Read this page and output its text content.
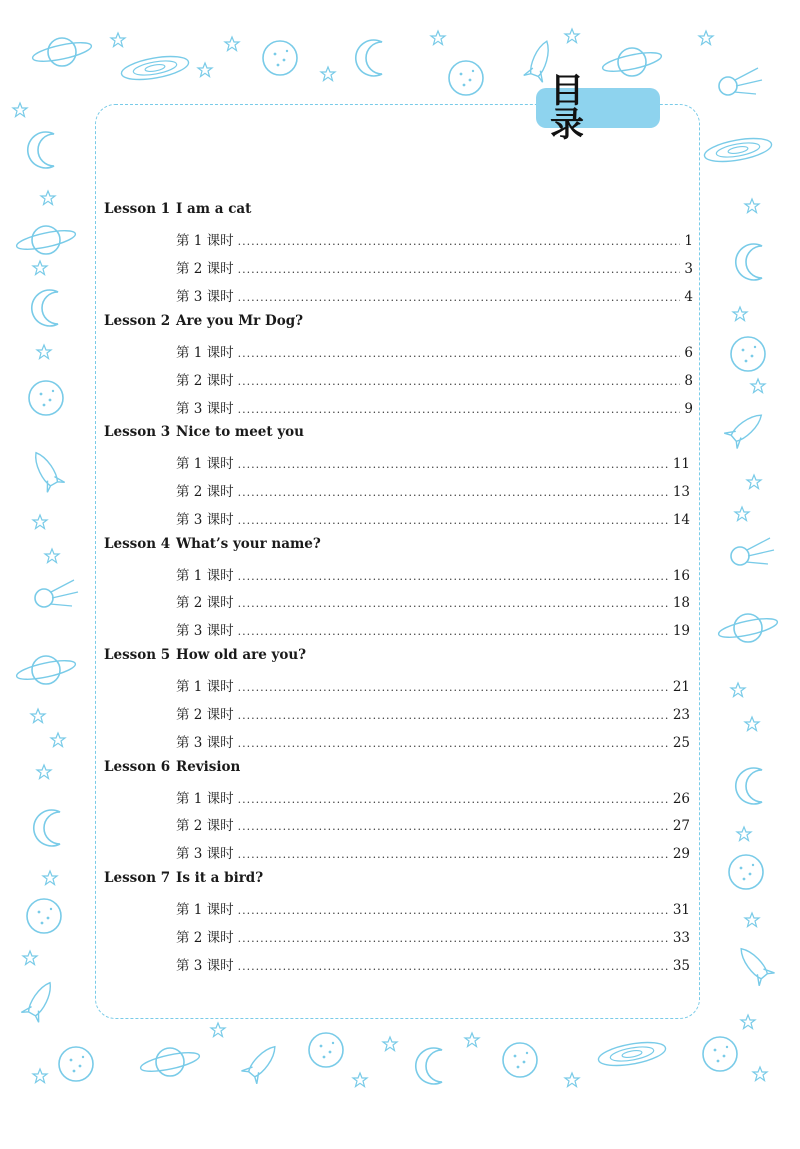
目 录
Lesson 1 I am a cat
第 1 课时 .....	1
第 2 课时 .....	3
第 3 课时 .....	4
Lesson 2 Are you Mr Dog?
第 1 课时 .....	6
第 2 课时 .....	8
第 3 课时 .....	9
Lesson 3 Nice to meet you
第 1 课时 .....	11
第 2 课时 .....	13
第 3 课时 .....	14
Lesson 4 What’s your name?
第 1 课时 .....	16
第 2 课时 .....	18
第 3 课时 .....	19
Lesson 5 How old are you?
第 1 课时 .....	21
第 2 课时 .....	23
第 3 课时 .....	25
Lesson 6 Revision
第 1 课时 .....	26
第 2 课时 .....	27
第 3 课时 .....	29
Lesson 7 Is it a bird?
第 1 课时 .....	31
第 2 课时 .....	33
第 3 课时 .....	35
